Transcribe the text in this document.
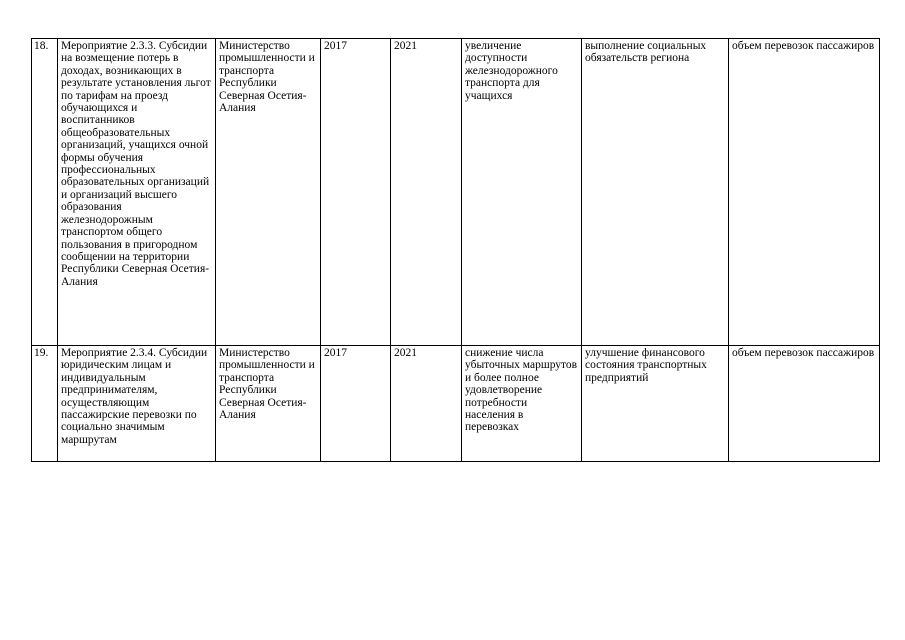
18.	Мероприятие 2.3.3. Субсидии на возмещение потерь в доходах, возникающих в результате установления льгот по тарифам на проезд обучающихся и воспитанников общеобразовательных организаций, учащихся очной формы обучения профессиональных образовательных организаций и организаций высшего образования железнодорожным транспортом общего пользования в пригородном сообщении на территории Республики Северная Осетия-Алания	Министерство промышленности и транспорта Республики Северная Осетия-Алания	2017	2021	увеличение доступности железнодорожного транспорта для учащихся	выполнение социальных обязательств региона	объем перевозок пассажиров
19.	Мероприятие 2.3.4. Субсидии юридическим лицам и индивидуальным предпринимателям, осуществляющим пассажирские перевозки по социально значимым маршрутам	Министерство промышленности и транспорта Республики Северная Осетия-Алания	2017	2021	снижение числа убыточных маршрутов и более полное удовлетворение потребности населения в перевозках	улучшение финансового состояния транспортных предприятий	объем перевозок пассажиров
